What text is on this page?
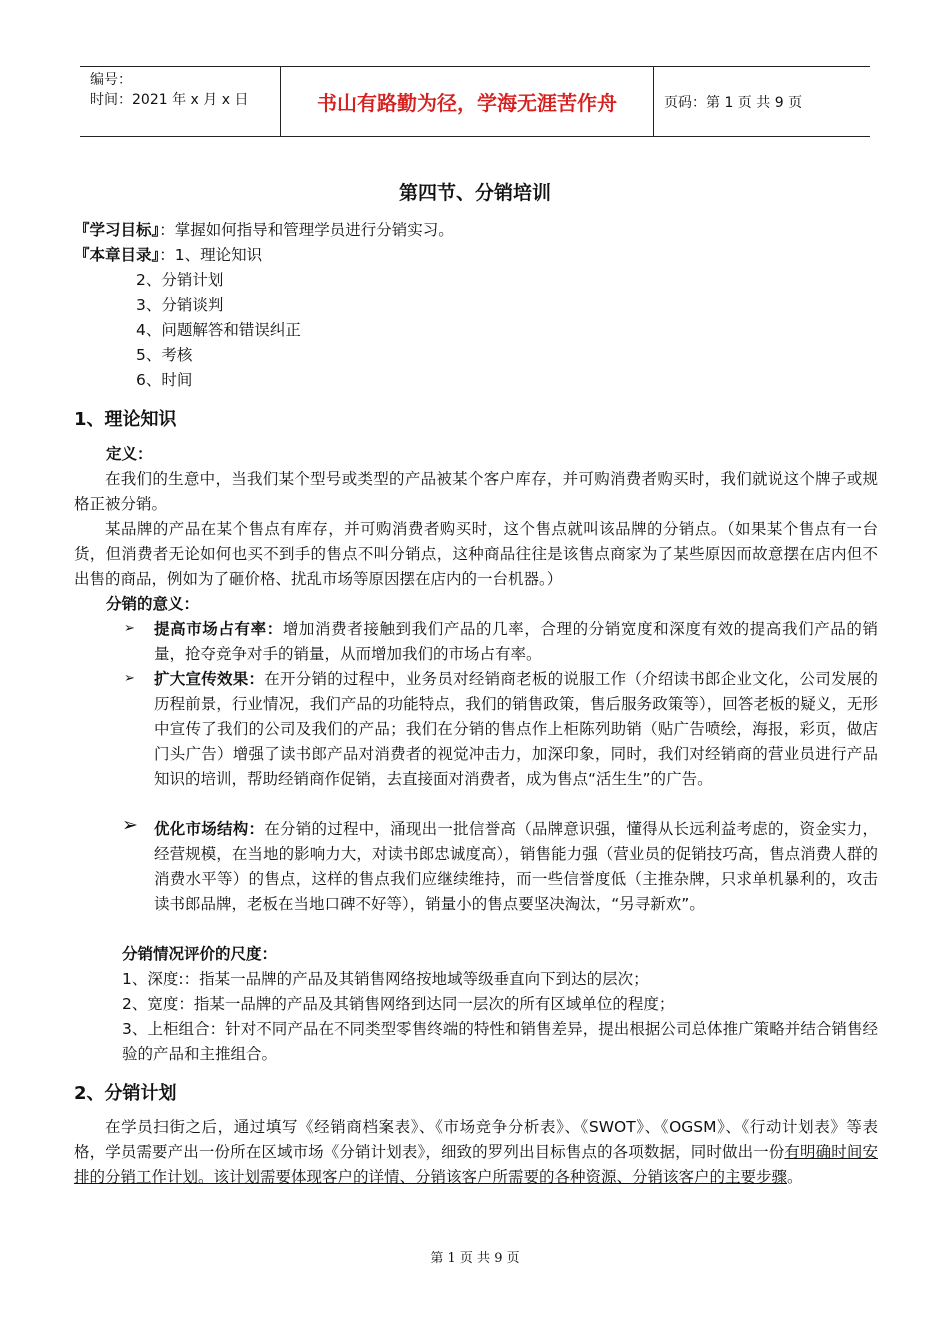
编号：
时间：2021 年 x 月 x 日	书山有路勤为径，学海无涯苦作舟	页码：第 1 页 共 9 页
第四节、分销培训
『学习目标』：掌握如何指导和管理学员进行分销实习。
『本章目录』：1、理论知识
2、分销计划
3、分销谈判
4、问题解答和错误纠正
5、考核
6、时间
1、理论知识
定义：
在我们的生意中，当我们某个型号或类型的产品被某个客户库存，并可购消费者购买时，我们就说这个牌子或规格正被分销。
某品牌的产品在某个售点有库存，并可购消费者购买时，这个售点就叫该品牌的分销点。（如果某个售点有一台货，但消费者无论如何也买不到手的售点不叫分销点，这种商品往往是该售点商家为了某些原因而故意摆在店内但不出售的商品，例如为了砸价格、扰乱市场等原因摆在店内的一台机器。）
分销的意义：
➢ 提高市场占有率：增加消费者接触到我们产品的几率，合理的分销宽度和深度有效的提高我们产品的销量，抢夺竞争对手的销量，从而增加我们的市场占有率。
➢ 扩大宣传效果：在开分销的过程中，业务员对经销商老板的说服工作（介绍读书郎企业文化，公司发展的历程前景，行业情况，我们产品的功能特点，我们的销售政策，售后服务政策等），回答老板的疑义，无形中宣传了我们的公司及我们的产品；我们在分销的售点作上柜陈列助销（贴广告喷绘，海报，彩页，做店门头广告）增强了读书郎产品对消费者的视觉冲击力，加深印象，同时，我们对经销商的营业员进行产品知识的培训，帮助经销商作促销，去直接面对消费者，成为售点“活生生”的广告。
➢ 优化市场结构：在分销的过程中，涌现出一批信誉高（品牌意识强，懂得从长远利益考虑的，资金实力，经营规模，在当地的影响力大，对读书郎忠诚度高），销售能力强（营业员的促销技巧高，售点消费人群的消费水平等）的售点，这样的售点我们应继续维持，而一些信誉度低（主推杂牌，只求单机暴利的，攻击读书郎品牌，老板在当地口碑不好等），销量小的售点要坚决淘汰，“另寻新欢”。
分销情况评价的尺度：
1、深度:：指某一品牌的产品及其销售网络按地域等级垂直向下到达的层次；
2、宽度：指某一品牌的产品及其销售网络到达同一层次的所有区域单位的程度；
3、上柜组合：针对不同产品在不同类型零售终端的特性和销售差异，提出根据公司总体推广策略并结合销售经验的产品和主推组合。
2、分销计划
在学员扫街之后，通过填写《经销商档案表》、《市场竞争分析表》、《SWOT》、《OGSM》、《行动计划表》等表格，学员需要产出一份所在区域市场《分销计划表》，细致的罗列出目标售点的各项数据，同时做出一份有明确时间安排的分销工作计划。该计划需要体现客户的详情、分销该客户所需要的各种资源、分销该客户的主要步骤。
第 1 页 共 9 页
